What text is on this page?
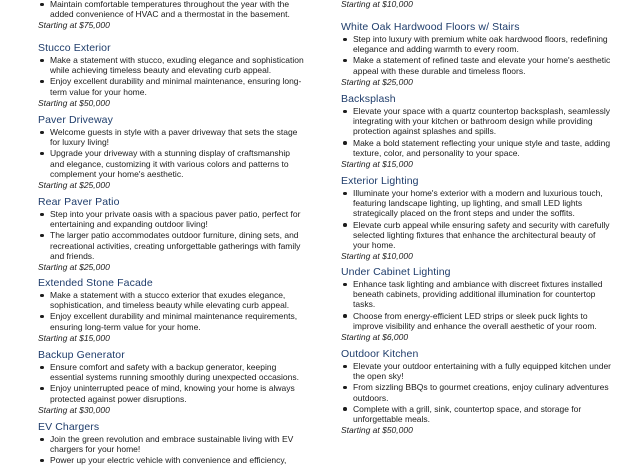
Maintain comfortable temperatures throughout the year with the added convenience of HVAC and a thermostat in the basement.
Starting at $75,000
Stucco Exterior
Make a statement with stucco, exuding elegance and sophistication while achieving timeless beauty and elevating curb appeal.
Enjoy excellent durability and minimal maintenance, ensuring long-term value for your home.
Starting at $50,000
Paver Driveway
Welcome guests in style with a paver driveway that sets the stage for luxury living!
Upgrade your driveway with a stunning display of craftsmanship and elegance, customizing it with various colors and patterns to complement your home's aesthetic.
Starting at $25,000
Rear Paver Patio
Step into your private oasis with a spacious paver patio, perfect for entertaining and expanding outdoor living!
The larger patio accommodates outdoor furniture, dining sets, and recreational activities, creating unforgettable gatherings with family and friends.
Starting at $25,000
Extended Stone Facade
Make a statement with a stucco exterior that exudes elegance, sophistication, and timeless beauty while elevating curb appeal.
Enjoy excellent durability and minimal maintenance requirements, ensuring long-term value for your home.
Starting at $15,000
Backup Generator
Ensure comfort and safety with a backup generator, keeping essential systems running smoothly during unexpected occasions.
Enjoy uninterrupted peace of mind, knowing your home is always protected against power disruptions.
Starting at $30,000
EV Chargers
Join the green revolution and embrace sustainable living with EV chargers for your home!
Power up your electric vehicle with convenience and efficiency,
Starting at $10,000
White Oak Hardwood Floors w/ Stairs
Step into luxury with premium white oak hardwood floors, redefining elegance and adding warmth to every room.
Make a statement of refined taste and elevate your home's aesthetic appeal with these durable and timeless floors.
Starting at $25,000
Backsplash
Elevate your space with a quartz countertop backsplash, seamlessly integrating with your kitchen or bathroom design while providing protection against splashes and spills.
Make a bold statement reflecting your unique style and taste, adding texture, color, and personality to your space.
Starting at $15,000
Exterior Lighting
Illuminate your home's exterior with a modern and luxurious touch, featuring landscape lighting, up lighting, and small LED lights strategically placed on the front steps and under the soffits.
Elevate curb appeal while ensuring safety and security with carefully selected lighting fixtures that enhance the architectural beauty of your home.
Starting at $10,000
Under Cabinet Lighting
Enhance task lighting and ambiance with discreet fixtures installed beneath cabinets, providing additional illumination for countertop tasks.
Choose from energy-efficient LED strips or sleek puck lights to improve visibility and enhance the overall aesthetic of your room.
Starting at $6,000
Outdoor Kitchen
Elevate your outdoor entertaining with a fully equipped kitchen under the open sky!
From sizzling BBQs to gourmet creations, enjoy culinary adventures outdoors.
Complete with a grill, sink, countertop space, and storage for unforgettable meals.
Starting at $50,000
